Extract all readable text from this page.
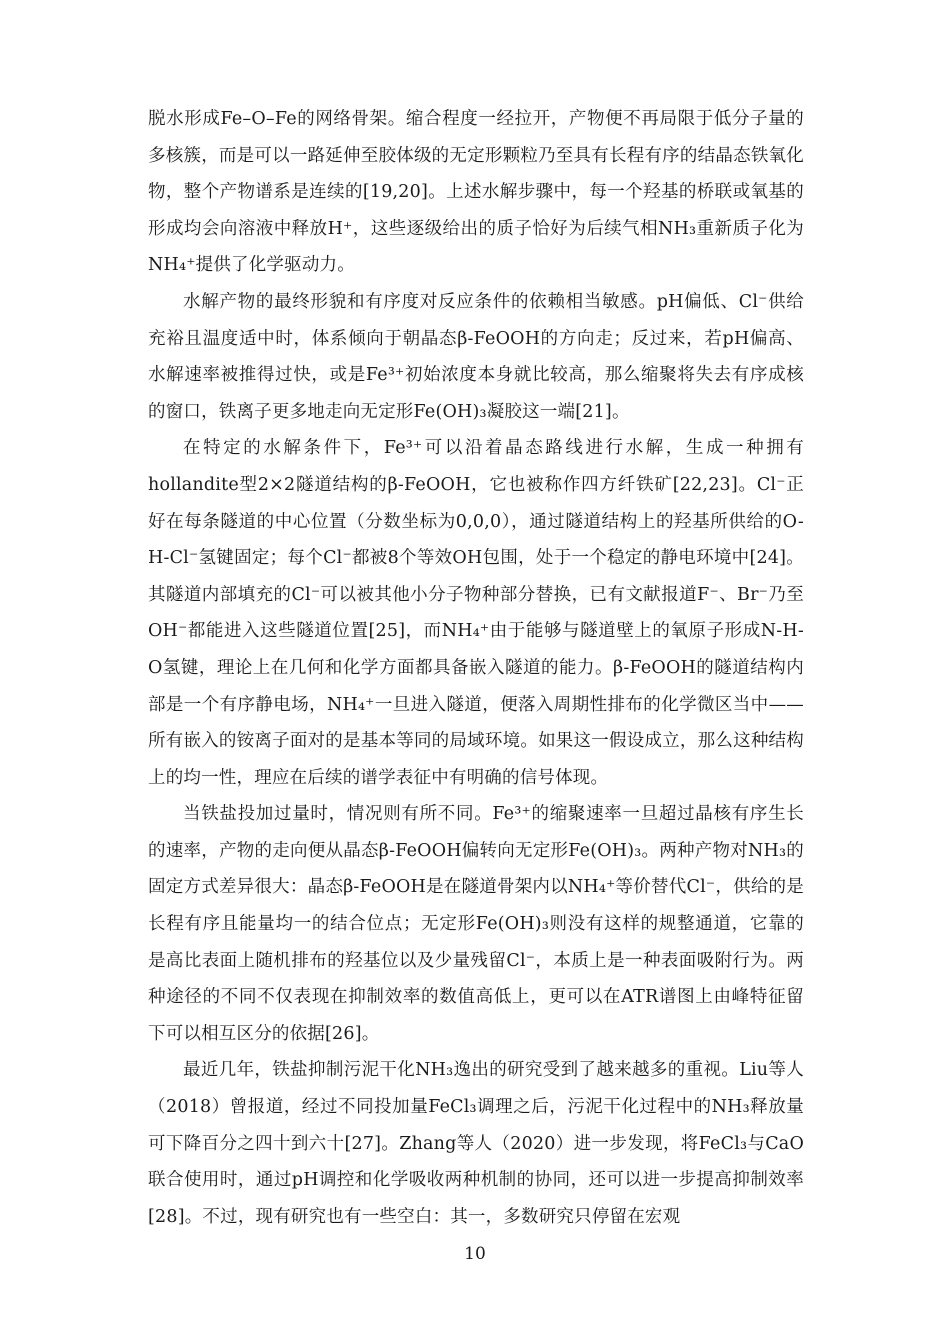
脱水形成Fe–O–Fe的网络骨架。缩合程度一经拉开，产物便不再局限于低分子量的多核簇，而是可以一路延伸至胶体级的无定形颗粒乃至具有长程有序的结晶态铁氧化物，整个产物谱系是连续的[19,20]。上述水解步骤中，每一个羟基的桥联或氧基的形成均会向溶液中释放H⁺，这些逐级给出的质子恰好为后续气相NH₃重新质子化为NH₄⁺提供了化学驱动力。

水解产物的最终形貌和有序度对反应条件的依赖相当敏感。pH偏低、Cl⁻供给充裕且温度适中时，体系倾向于朝晶态β-FeOOH的方向走；反过来，若pH偏高、水解速率被推得过快，或是Fe³⁺初始浓度本身就比较高，那么缩聚将失去有序成核的窗口，铁离子更多地走向无定形Fe(OH)₃凝胶这一端[21]。

在特定的水解条件下，Fe³⁺可以沿着晶态路线进行水解，生成一种拥有hollandite型2×2隧道结构的β-FeOOH，它也被称作四方纤铁矿[22,23]。Cl⁻正好在每条隧道的中心位置（分数坐标为0,0,0），通过隧道结构上的羟基所供给的O-H-Cl⁻氢键固定；每个Cl⁻都被8个等效OH包围，处于一个稳定的静电环境中[24]。其隧道内部填充的Cl⁻可以被其他小分子物种部分替换，已有文献报道F⁻、Br⁻乃至OH⁻都能进入这些隧道位置[25]，而NH₄⁺由于能够与隧道壁上的氧原子形成N-H-O氢键，理论上在几何和化学方面都具备嵌入隧道的能力。β-FeOOH的隧道结构内部是一个有序静电场，NH₄⁺一旦进入隧道，便落入周期性排布的化学微区当中——所有嵌入的铵离子面对的是基本等同的局域环境。如果这一假设成立，那么这种结构上的均一性，理应在后续的谱学表征中有明确的信号体现。

当铁盐投加过量时，情况则有所不同。Fe³⁺的缩聚速率一旦超过晶核有序生长的速率，产物的走向便从晶态β-FeOOH偏转向无定形Fe(OH)₃。两种产物对NH₃的固定方式差异很大：晶态β-FeOOH是在隧道骨架内以NH₄⁺等价替代Cl⁻，供给的是长程有序且能量均一的结合位点；无定形Fe(OH)₃则没有这样的规整通道，它靠的是高比表面上随机排布的羟基位以及少量残留Cl⁻，本质上是一种表面吸附行为。两种途径的不同不仅表现在抑制效率的数值高低上，更可以在ATR谱图上由峰特征留下可以相互区分的依据[26]。

最近几年，铁盐抑制污泥干化NH₃逸出的研究受到了越来越多的重视。Liu等人（2018）曾报道，经过不同投加量FeCl₃调理之后，污泥干化过程中的NH₃释放量可下降百分之四十到六十[27]。Zhang等人（2020）进一步发现，将FeCl₃与CaO联合使用时，通过pH调控和化学吸收两种机制的协同，还可以进一步提高抑制效率[28]。不过，现有研究也有一些空白：其一，多数研究只停留在宏观

10
